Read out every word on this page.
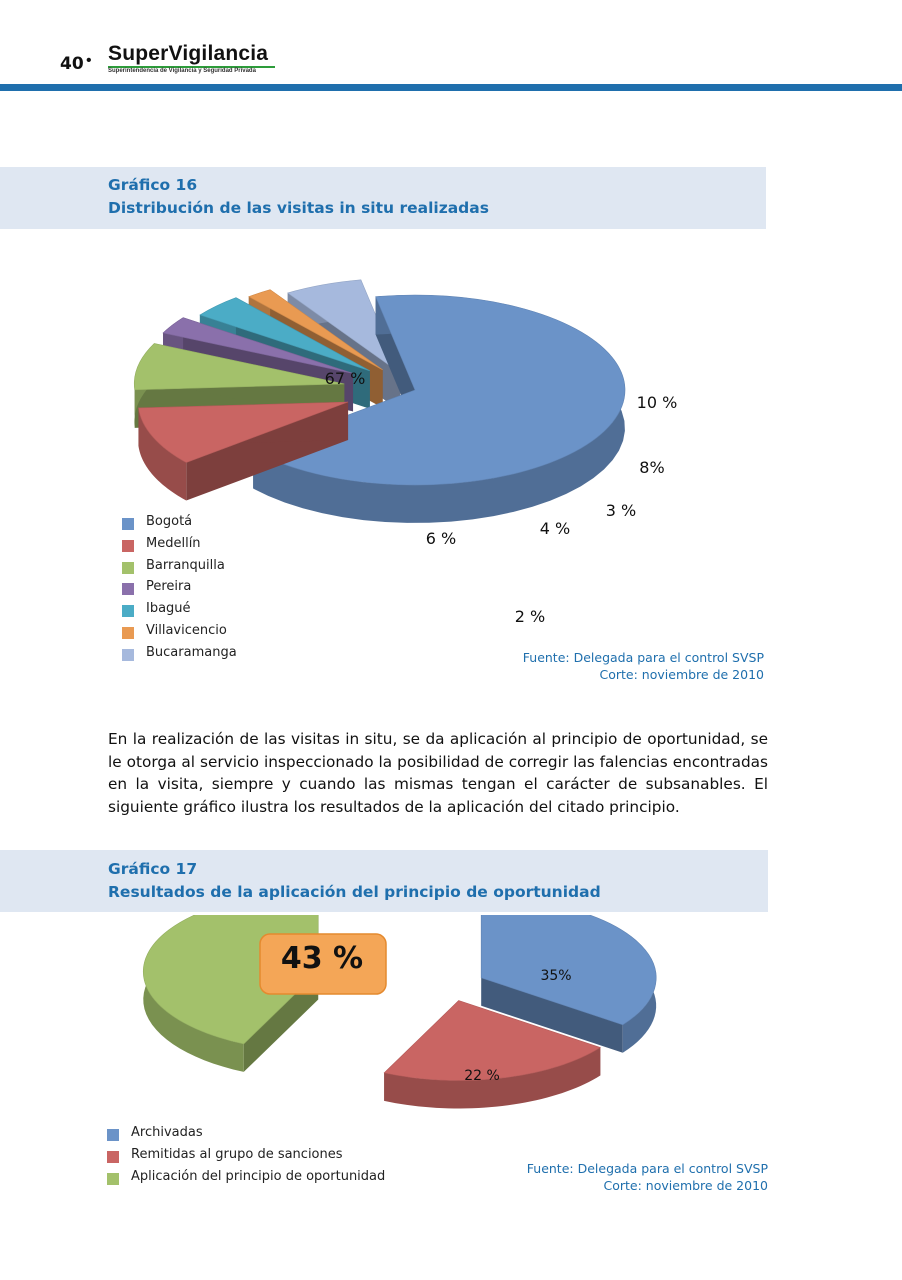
40 • SuperVigilancia
Superintendencia de Vigilancia y Seguridad Privada
Gráfico 16
Distribución de las visitas in situ realizadas
67 %
10 %
8%
3 %
4 %
2 %
6 %
Bogotá
Medellín
Barranquilla
Pereira
Ibagué
Villavicencio
Bucaramanga	Fuente: Delegada para el control SVSP
Corte: noviembre de 2010
En la realización de las visitas in situ, se da aplicación al principio de oportunidad, se le otorga al servicio inspeccionado la posibilidad de corregir las falencias encontradas en la visita, siempre y cuando las mismas tengan el carácter de subsanables. El siguiente gráfico ilustra los resultados de la aplicación del citado principio.
Gráfico 17
Resultados de la aplicación del principio de oportunidad
35%
22 %
43 %
Archivadas
Remitidas al grupo de sanciones
Aplicación del principio de oportunidad
Fuente: Delegada para el control SVSP
Corte: noviembre de 2010
